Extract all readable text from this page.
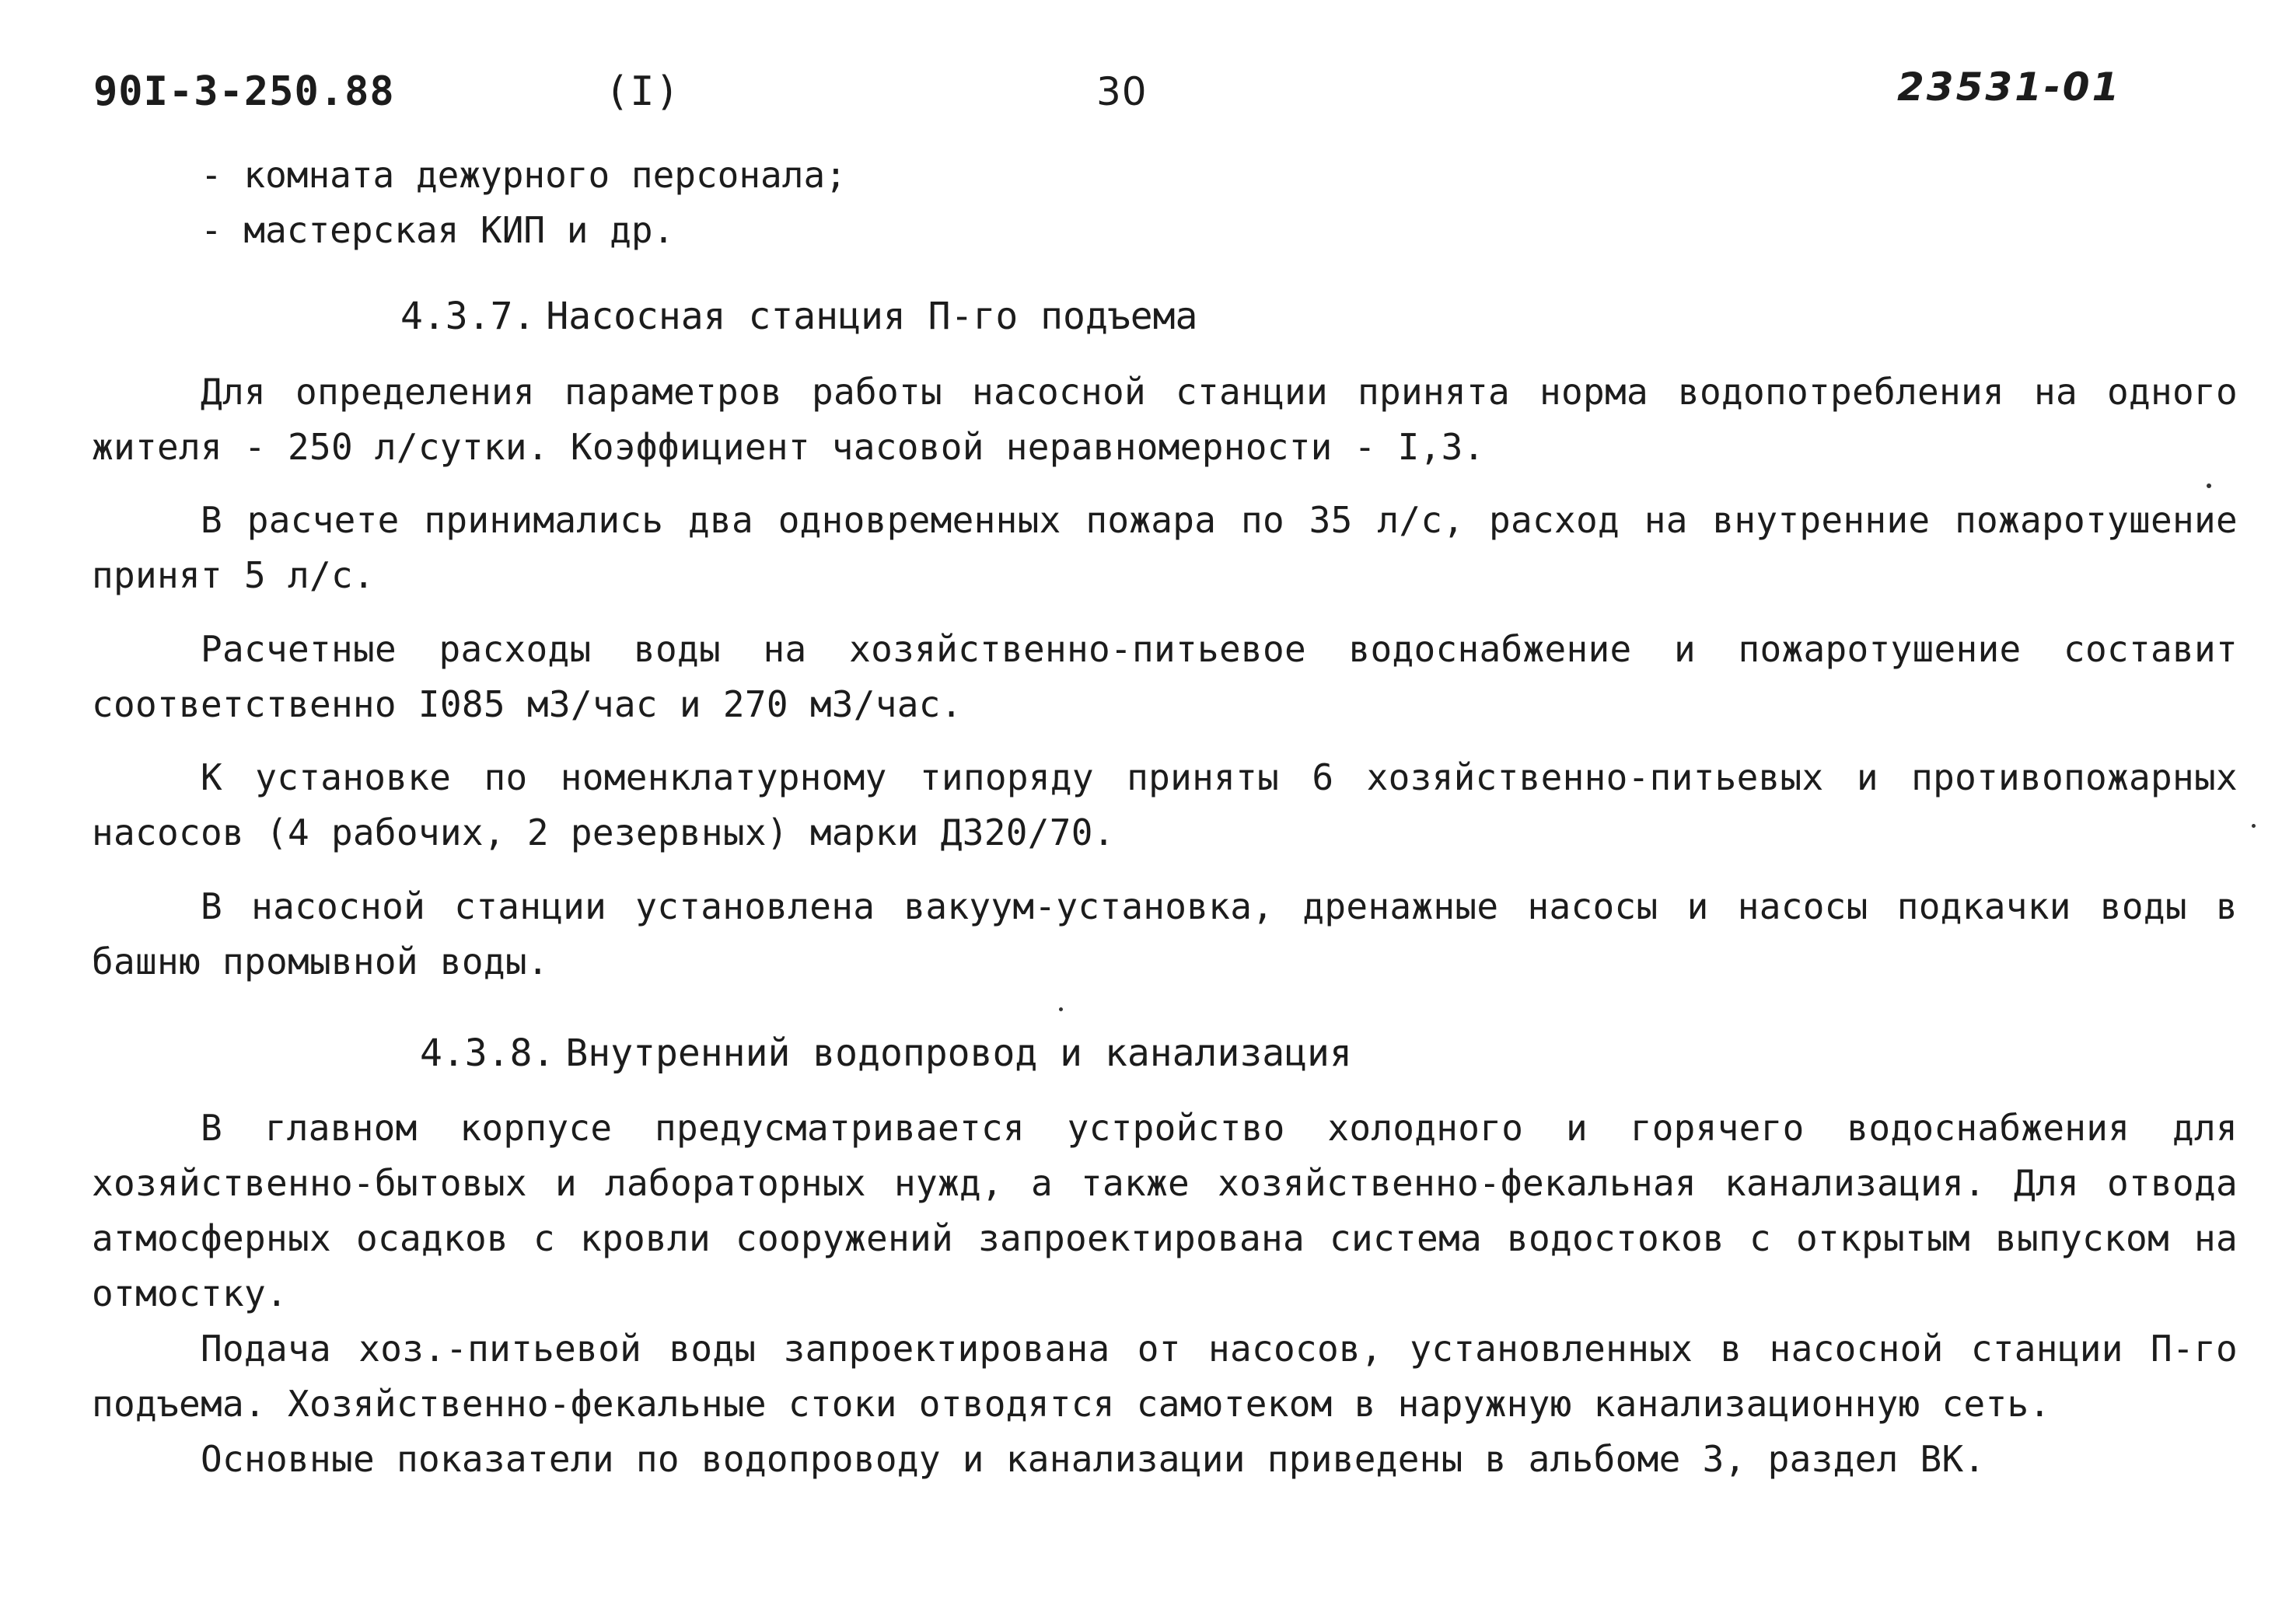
90I-3-250.88	(I)	30	23531-01
- комната дежурного персонала;
- мастерская КИП и др.
4.3.7. Насосная станция П-го подъема
Для определения параметров работы насосной станции принята норма водопотребления на одного жителя - 250 л/сутки. Коэффициент часовой неравномерности - I,3.
В расчете принимались два одновременных пожара по 35 л/с, расход на внутренние пожаротушение принят 5 л/с.
Расчетные расходы воды на хозяйственно-питьевое водоснабжение и пожаротушение составит соответственно I085 м3/час и 270 м3/час.
К установке по номенклатурному типоряду приняты 6 хозяйственно-питьевых и противопожарных насосов (4 рабочих, 2 резервных) марки Д320/70.
В насосной станции установлена вакуум-установка, дренажные насосы и насосы подкачки воды в башню промывной воды.
4.3.8. Внутренний водопровод и канализация
В главном корпусе предусматривается устройство холодного и горячего водоснабжения для хозяйственно-бытовых и лабораторных нужд, а также хозяйственно-фекальная канализация. Для отвода атмосферных осадков с кровли сооружений запроектирована система водостоков с открытым выпуском на отмостку.
Подача хоз.-питьевой воды запроектирована от насосов, установленных в насосной станции П-го подъема. Хозяйственно-фекальные стоки отводятся самотеком в наружную канализационную сеть.
Основные показатели по водопроводу и канализации приведены в альбоме 3, раздел ВК.
